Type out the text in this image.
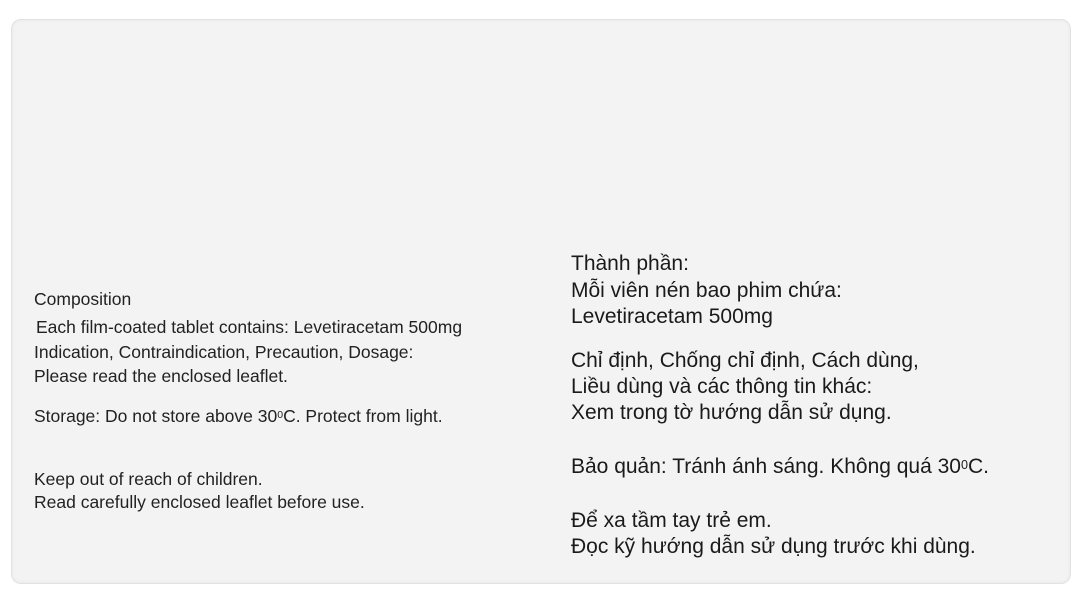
Composition
Each film-coated tablet contains: Levetiracetam 500mg
Indication, Contraindication, Precaution, Dosage:
Please read the enclosed leaflet.
Storage: Do not store above $30^0C$. Protect from light.
Keep out of reach of children.
Read carefully enclosed leaflet before use.
Thành phần:
Mỗi viên nén bao phim chứa:
Levetiracetam 500mg
Chỉ định, Chống chỉ định, Cách dùng,
Liều dùng và các thông tin khác:
Xem trong tờ hướng dẫn sử dụng.
Bảo quản: Tránh ánh sáng. Không quá $30^0C$.
Để xa tầm tay trẻ em.
Đọc kỹ hướng dẫn sử dụng trước khi dùng.
